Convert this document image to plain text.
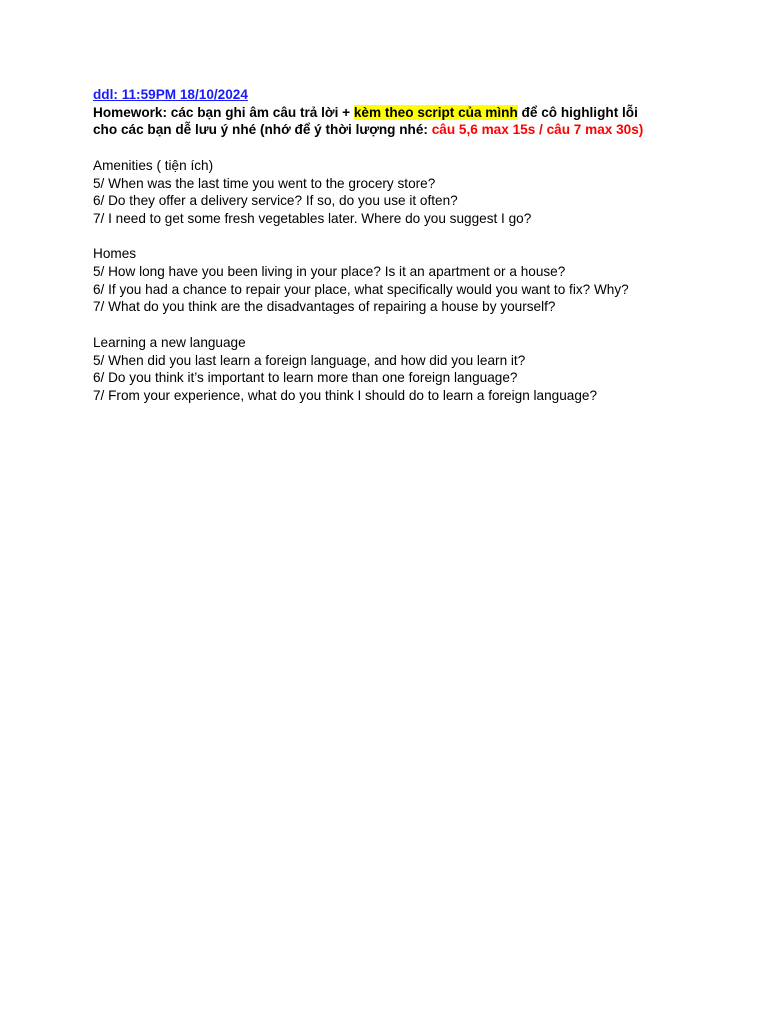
ddl: 11:59PM 18/10/2024
Homework: các bạn ghi âm câu trả lời + kèm theo script của mình để cô highlight lỗi
cho các bạn dễ lưu ý nhé (nhớ để ý thời lượng nhé: câu 5,6 max 15s / câu 7 max 30s)
Amenities ( tiện ích)
5/ When was the last time you went to the grocery store?
6/ Do they offer a delivery service? If so, do you use it often?
7/ I need to get some fresh vegetables later. Where do you suggest I go?
Homes
5/ How long have you been living in your place? Is it an apartment or a house?
6/ If you had a chance to repair your place, what specifically would you want to fix? Why?
7/ What do you think are the disadvantages of repairing a house by yourself?
Learning a new language
5/ When did you last learn a foreign language, and how did you learn it?
6/ Do you think it’s important to learn more than one foreign language?
7/ From your experience, what do you think I should do to learn a foreign language?
